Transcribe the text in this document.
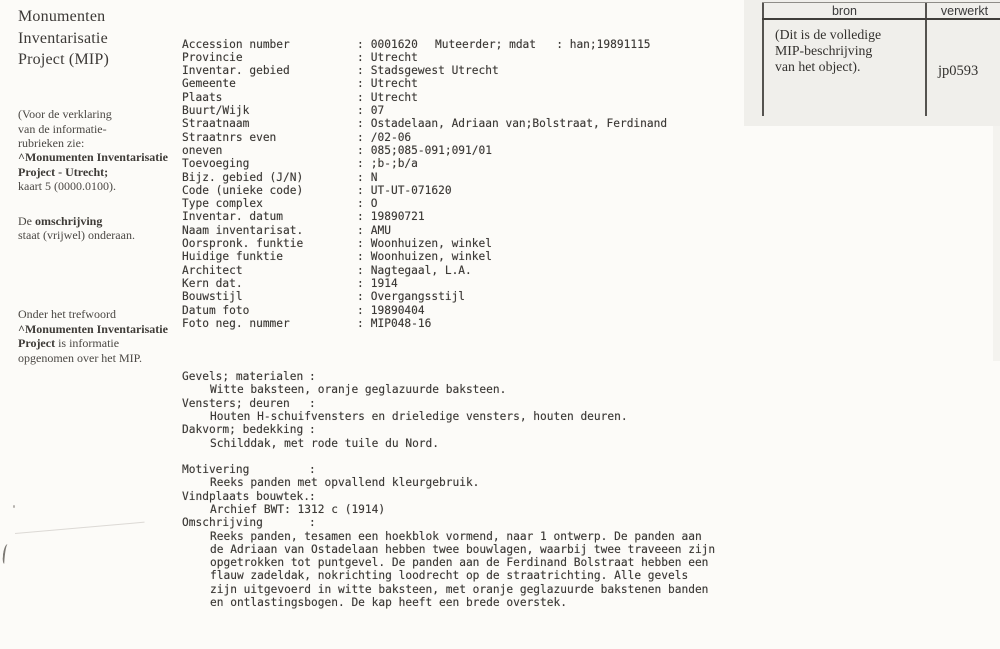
Monumenten
Inventarisatie
Project (MIP)
(Voor de verklaring
van de informatie-
rubrieken zie:
^Monumenten Inventarisatie
Project - Utrecht;
kaart 5 (0000.0100).
De omschrijving
staat (vrijwel) onderaan.
Onder het trefwoord
^Monumenten Inventarisatie
Project is informatie
opgenomen over het MIP.

Accession number	: 0001620 Muteerder; mdat   : han;19891115
Provincie	: Utrecht
Inventar. gebied	: Stadsgewest Utrecht
Gemeente	: Utrecht
Plaats	: Utrecht
Buurt/Wijk	: 07
Straatnaam	: Ostadelaan, Adriaan van;Bolstraat, Ferdinand
Straatnrs even	: /02-06
oneven	: 085;085-091;091/01
Toevoeging	: ;b-;b/a
Bijz. gebied (J/N)	: N
Code (unieke code)	: UT-UT-071620
Type complex	: O
Inventar. datum	: 19890721
Naam inventarisat.	: AMU
Oorspronk. funktie	: Woonhuizen, winkel
Huidige funktie	: Woonhuizen, winkel
Architect	: Nagtegaal, L.A.
Kern dat.	: 1914
Bouwstijl	: Overgangsstijl
Datum foto	: 19890404
Foto neg. nummer	: MIP048-16

Gevels; materialen :
Witte baksteen, oranje geglazuurde baksteen.
Vensters; deuren :
Houten H-schuifvensters en drieledige vensters, houten deuren.
Dakvorm; bedekking :
Schilddak, met rode tuile du Nord.
Motivering	:
Reeks panden met opvallend kleurgebruik.
Vindplaats bouwtek.:
Archief BWT: 1312 c (1914)
Omschrijving	:
Reeks panden, tesamen een hoekblok vormend, naar 1 ontwerp. De panden aan
de Adriaan van Ostadelaan hebben twee bouwlagen, waarbij twee traveeen zijn
opgetrokken tot puntgevel. De panden aan de Ferdinand Bolstraat hebben een
flauw zadeldak, nokrichting loodrecht op de straatrichting. Alle gevels
zijn uitgevoerd in witte baksteen, met oranje geglazuurde bakstenen banden
en ontlastingsbogen. De kap heeft een brede overstek.

bron	verwerkt
(Dit is de volledige
MIP-beschrijving
van het object).	jp0593
